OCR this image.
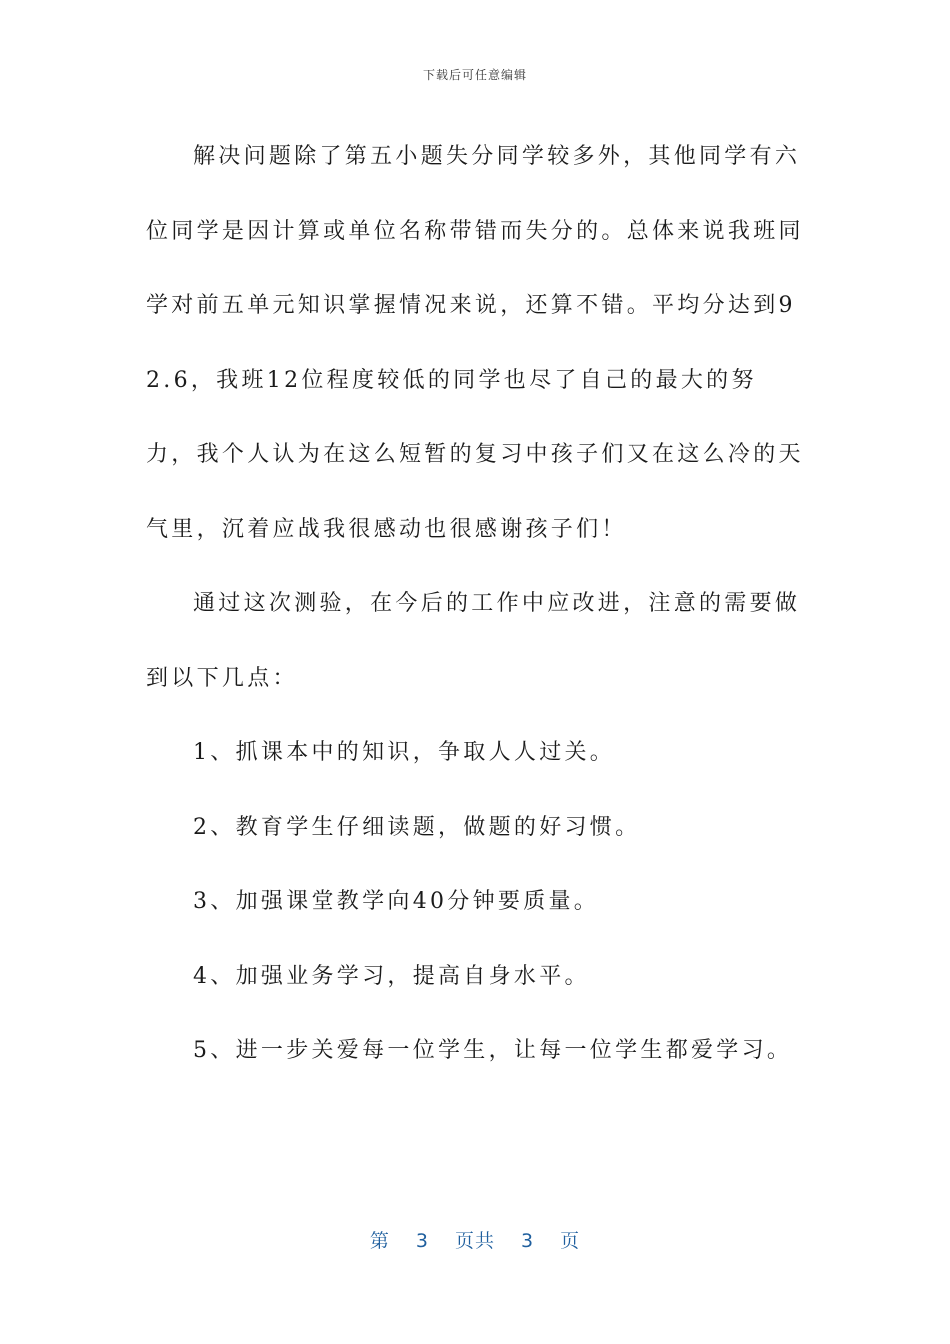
下载后可任意编辑

解决问题除了第五小题失分同学较多外，其他同学有六位同学是因计算或单位名称带错而失分的。总体来说我班同学对前五单元知识掌握情况来说，还算不错。平均分达到92.6，我班12位程度较低的同学也尽了自己的最大的努力，我个人认为在这么短暂的复习中孩子们又在这么冷的天气里，沉着应战我很感动也很感谢孩子们！

通过这次测验，在今后的工作中应改进，注意的需要做到以下几点：

1、抓课本中的知识，争取人人过关。

2、教育学生仔细读题，做题的好习惯。

3、加强课堂教学向40分钟要质量。

4、加强业务学习，提高自身水平。

5、进一步关爱每一位学生，让每一位学生都爱学习。

第 3 页共 3 页
